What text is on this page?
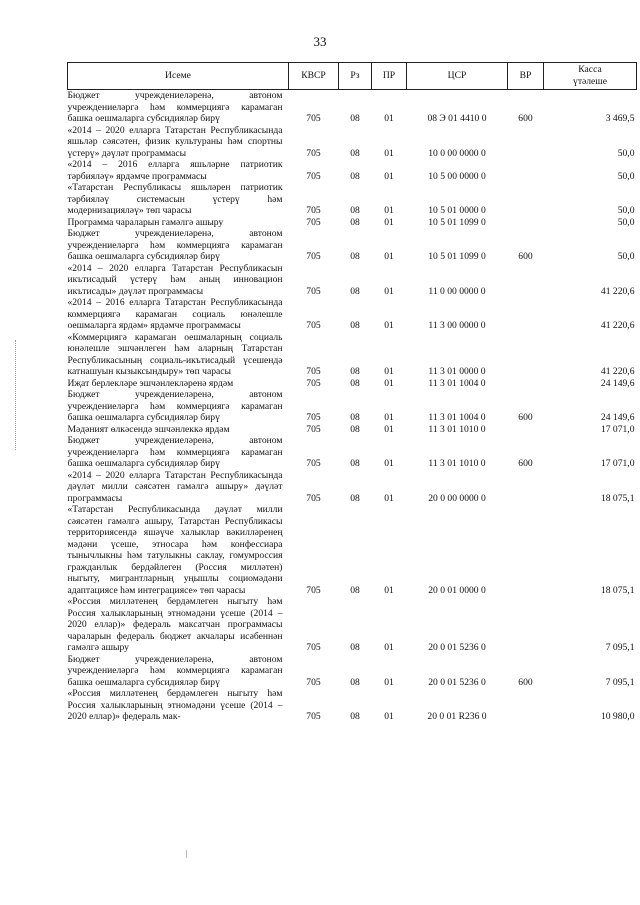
33
Исеме	КВСР	Рз	ПР	ЦСР	ВР	Касса
үтәлеше
Бюджет учреждениеләренә, автоном учреждениеләргә һәм коммерциягә карамаган башка оешмаларга субсидияләр бирү	705	08	01	08 Э 01 4410 0	600	3 469,5
«2014 – 2020 елларга Татарстан Республикасында яшьләр сәясәтен, физик культураны һәм спортны үстерү» дәүләт программасы	705	08	01	10 0 00 0000 0		50,0
«2014 – 2016 елларга яшьләрне патриотик тәрбияләү» ярдәмче программасы	705	08	01	10 5 00 0000 0		50,0
«Татарстан Республикасы яшьләрен патриотик тәрбияләү системасын үстерү һәм модернизацияләү» төп чарасы	705	08	01	10 5 01 0000 0		50,0
Программа чараларын гамәлгә ашыру	705	08	01	10 5 01 1099 0		50,0
Бюджет учреждениеләренә, автоном учреждениеләргә һәм коммерциягә карамаган башка оешмаларга субсидияләр бирү	705	08	01	10 5 01 1099 0	600	50,0
«2014 – 2020 елларга Татарстан Республикасын икътисадый үстерү һәм аның инновацион икътисады» дәүләт программасы	705	08	01	11 0 00 0000 0		41 220,6
«2014 – 2016 елларга Татарстан Республикасында коммерциягә карамаган социаль юнәлешле оешмаларга ярдәм» ярдәмче программасы	705	08	01	11 3 00 0000 0		41 220,6
«Коммерциягә карамаган оешмаларның социаль юнәлешле эшчәнлеген һәм аларның Татарстан Республикасының социаль-икътисадый үсешендә катнашуын кызыксындыру» төп чарасы	705	08	01	11 3 01 0000 0		41 220,6
Иҗат берлекләре эшчәнлекләренә ярдәм	705	08	01	11 3 01 1004 0		24 149,6
Бюджет учреждениеләренә, автоном учреждениеләргә һәм коммерциягә карамаган башка оешмаларга субсидияләр бирү	705	08	01	11 3 01 1004 0	600	24 149,6
Мәдәният өлкәсендә эшчәнлеккә ярдәм	705	08	01	11 3 01 1010 0		17 071,0
Бюджет учреждениеләренә, автоном учреждениеләргә һәм коммерциягә карамаган башка оешмаларга субсидияләр бирү	705	08	01	11 3 01 1010 0	600	17 071,0
«2014 – 2020 елларга Татарстан Республикасында дәүләт милли сәясәтен гамәлгә ашыру» дәүләт программасы	705	08	01	20 0 00 0000 0		18 075,1
«Татарстан Республикасында дәүләт милли сәясәтен гамәлгә ашыру, Татарстан Республикасы территориясендә яшәүче халыклар вәкилләренең мәдәни үсеше, этносара һәм конфессиара тынычлыкны һәм татулыкны саклау, гомумроссия гражданлык бердәйлеген (Россия милләтен) ныгыту, мигрантларның уңышлы социомәдәни адаптациясе һәм интеграциясе» төп чарасы	705	08	01	20 0 01 0000 0		18 075,1
«Россия милләтенең бердәмлеген ныгыту һәм Россия халыкларының этномәдәни үсеше (2014 – 2020 еллар)» федераль максатчан программасы чараларын федераль бюджет акчалары исәбеннән гамәлгә ашыру	705	08	01	20 0 01 5236 0		7 095,1
Бюджет учреждениеләренә, автоном учреждениеләргә һәм коммерциягә карамаган башка оешмаларга субсидияләр бирү	705	08	01	20 0 01 5236 0	600	7 095,1
«Россия милләтенең бердәмлеген ныгыту һәм Россия халыкларының этномәдәни үсеше (2014 – 2020 еллар)» федераль мак-	705	08	01	20 0 01 R236 0		10 980,0
